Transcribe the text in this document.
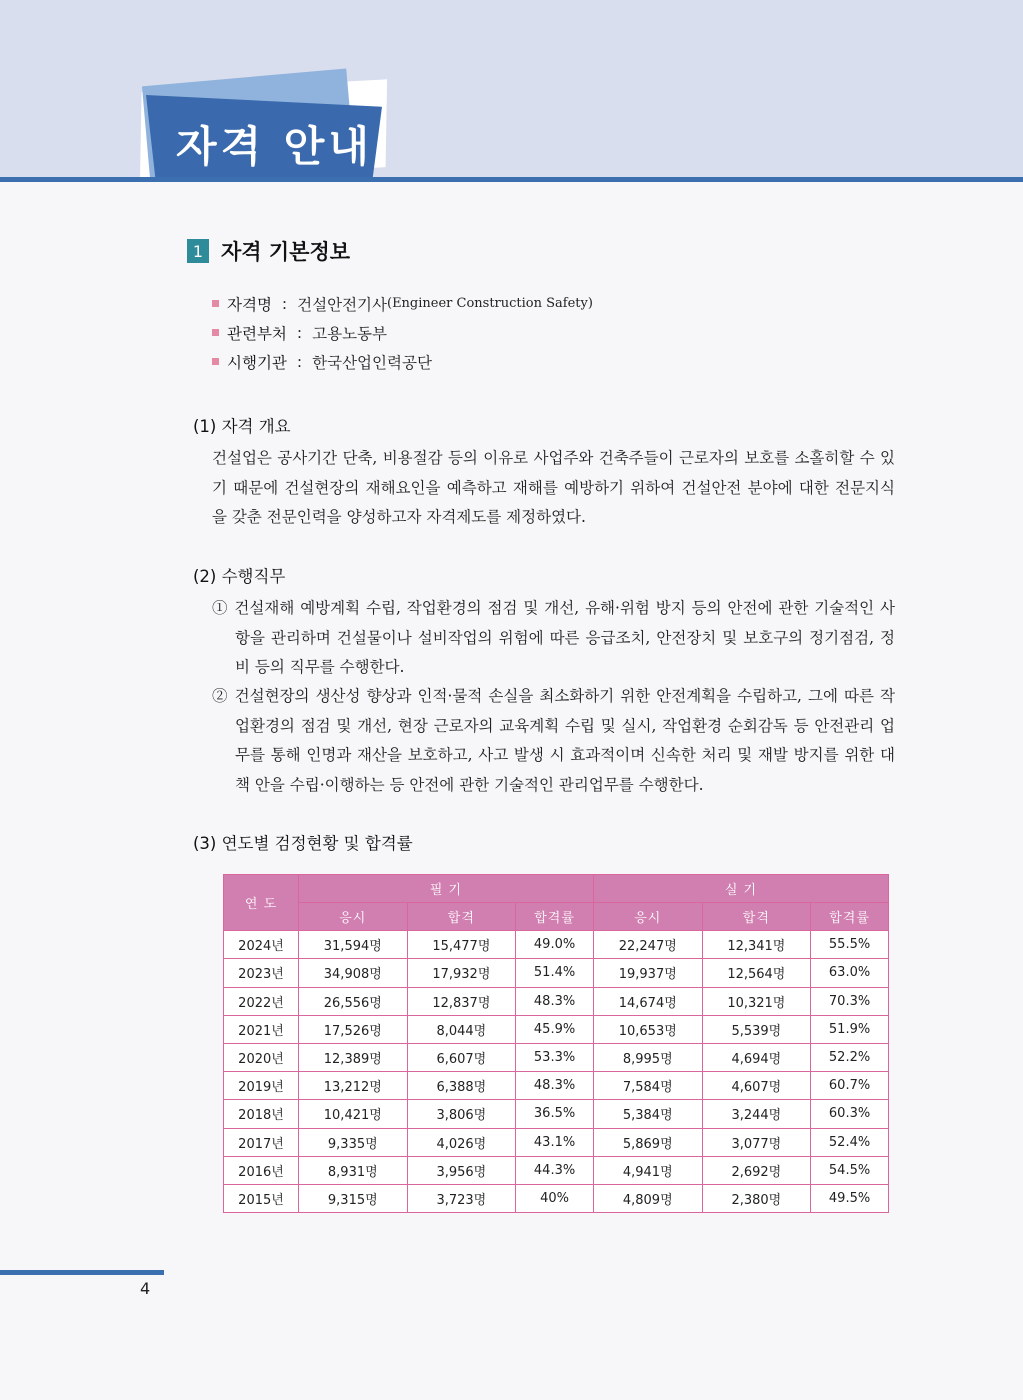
자격 안내
1 자격 기본정보
자격명 : 건설안전기사 (Engineer Construction Safety)
관련부처 : 고용노동부
시행기관 : 한국산업인력공단
(1) 자격 개요

건설업은 공사기간 단축, 비용절감 등의 이유로 사업주와 건축주들이 근로자의 보호를 소홀히할 수 있기 때문에 건설현장의 재해요인을 예측하고 재해를 예방하기 위하여 건설안전 분야에 대한 전문지식을 갖춘 전문인력을 양성하고자 자격제도를 제정하였다.

(2) 수행직무

① 건설재해 예방계획 수립, 작업환경의 점검 및 개선, 유해·위험 방지 등의 안전에 관한 기술적인 사항을 관리하며 건설물이나 설비작업의 위험에 따른 응급조치, 안전장치 및 보호구의 정기점검, 정비 등의 직무를 수행한다.

② 건설현장의 생산성 향상과 인적·물적 손실을 최소화하기 위한 안전계획을 수립하고, 그에 따른 작업환경의 점검 및 개선, 현장 근로자의 교육계획 수립 및 실시, 작업환경 순회감독 등 안전관리 업무를 통해 인명과 재산을 보호하고, 사고 발생 시 효과적이며 신속한 처리 및 재발 방지를 위한 대책 안을 수립·이행하는 등 안전에 관한 기술적인 관리업무를 수행한다.

(3) 연도별 검정현황 및 합격률
연 도	필 기			실 기		
	응시	합격	합격률	응시	합격	합격률
2024년	31,594명	15,477명	49.0%	22,247명	12,341명	55.5%
2023년	34,908명	17,932명	51.4%	19,937명	12,564명	63.0%
2022년	26,556명	12,837명	48.3%	14,674명	10,321명	70.3%
2021년	17,526명	8,044명	45.9%	10,653명	5,539명	51.9%
2020년	12,389명	6,607명	53.3%	8,995명	4,694명	52.2%
2019년	13,212명	6,388명	48.3%	7,584명	4,607명	60.7%
2018년	10,421명	3,806명	36.5%	5,384명	3,244명	60.3%
2017년	9,335명	4,026명	43.1%	5,869명	3,077명	52.4%
2016년	8,931명	3,956명	44.3%	4,941명	2,692명	54.5%
2015년	9,315명	3,723명	40%	4,809명	2,380명	49.5%
4
